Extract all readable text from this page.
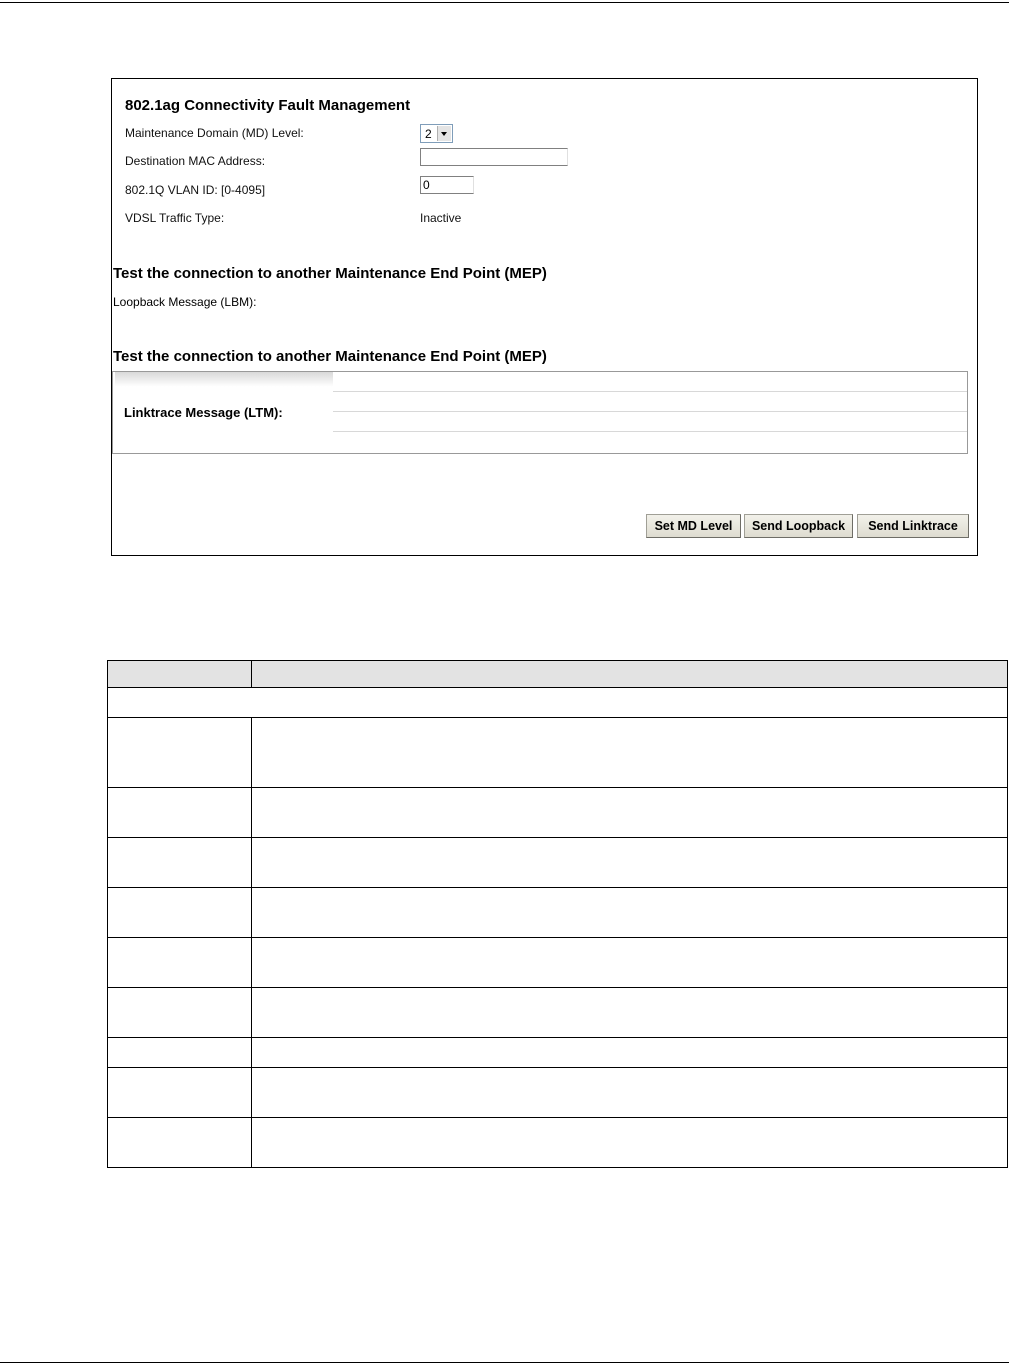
802.1ag Connectivity Fault Management
Maintenance Domain (MD) Level:	2
Destination MAC Address:
802.1Q VLAN ID: [0-4095]	0
VDSL Traffic Type:	Inactive
Test the connection to another Maintenance End Point (MEP)
Loopback Message (LBM):
Test the connection to another Maintenance End Point (MEP)
Linktrace Message (LTM):
Set MD Level	Send Loopback	Send Linktrace
